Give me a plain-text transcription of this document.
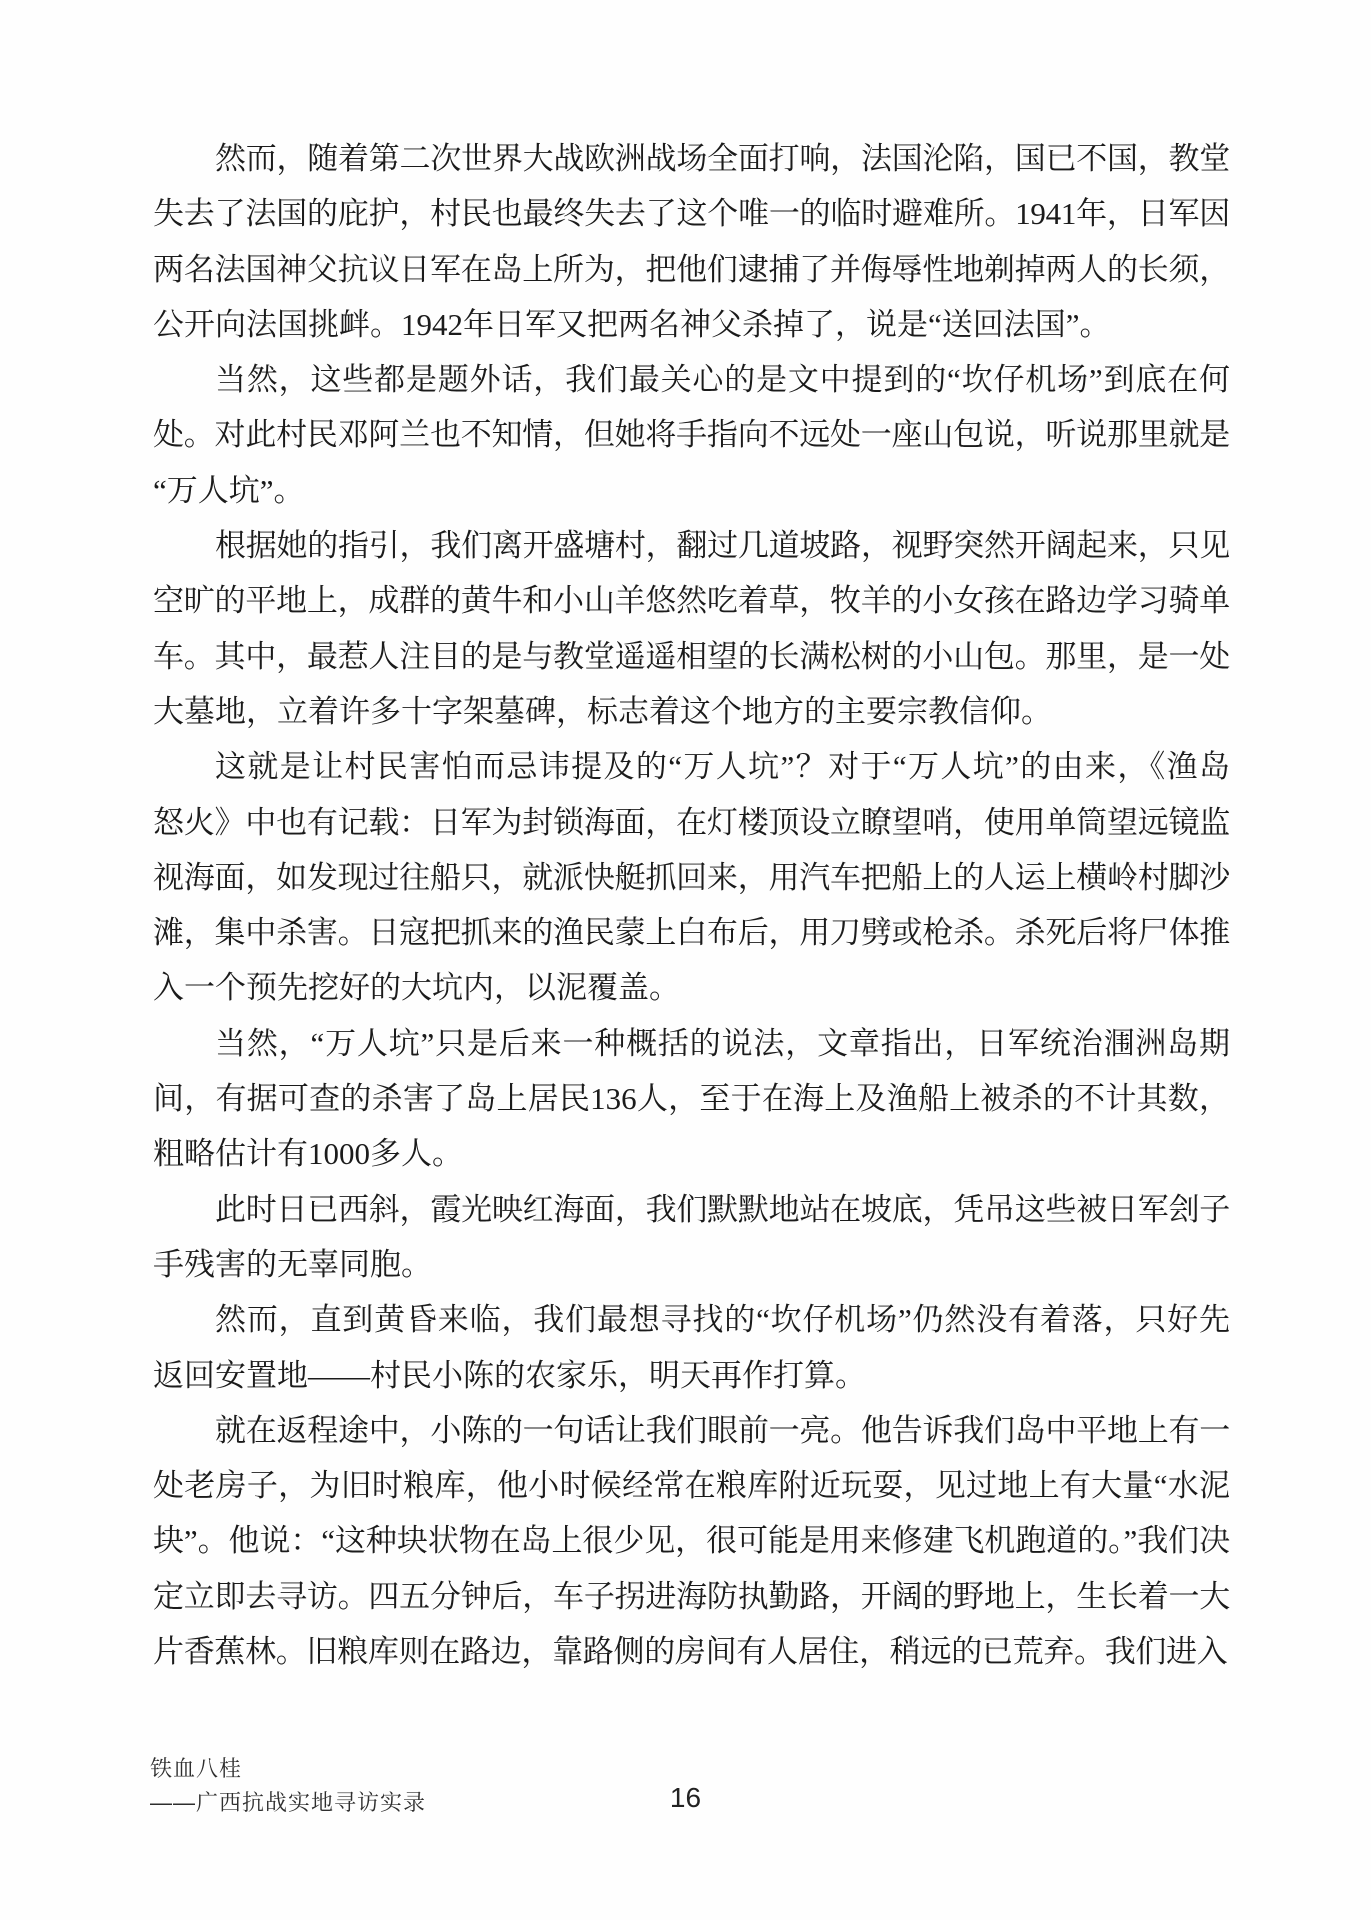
然而，随着第二次世界大战欧洲战场全面打响，法国沦陷，国已不国，教堂
失去了法国的庇护，村民也最终失去了这个唯一的临时避难所。1941年，日军因
两名法国神父抗议日军在岛上所为，把他们逮捕了并侮辱性地剃掉两人的长须，
公开向法国挑衅。1942年日军又把两名神父杀掉了，说是“送回法国”。
当然，这些都是题外话，我们最关心的是文中提到的“坎仔机场”到底在何
处。对此村民邓阿兰也不知情，但她将手指向不远处一座山包说，听说那里就是
“万人坑”。
根据她的指引，我们离开盛塘村，翻过几道坡路，视野突然开阔起来，只见
空旷的平地上，成群的黄牛和小山羊悠然吃着草，牧羊的小女孩在路边学习骑单
车。其中，最惹人注目的是与教堂遥遥相望的长满松树的小山包。那里，是一处
大墓地，立着许多十字架墓碑，标志着这个地方的主要宗教信仰。
这就是让村民害怕而忌讳提及的“万人坑”？对于“万人坑”的由来，《渔岛
怒火》中也有记载：日军为封锁海面，在灯楼顶设立瞭望哨，使用单筒望远镜监
视海面，如发现过往船只，就派快艇抓回来，用汽车把船上的人运上横岭村脚沙
滩，集中杀害。日寇把抓来的渔民蒙上白布后，用刀劈或枪杀。杀死后将尸体推
入一个预先挖好的大坑内，以泥覆盖。
当然，“万人坑”只是后来一种概括的说法，文章指出，日军统治涠洲岛期
间，有据可查的杀害了岛上居民136人，至于在海上及渔船上被杀的不计其数，
粗略估计有1000多人。
此时日已西斜，霞光映红海面，我们默默地站在坡底，凭吊这些被日军刽子
手残害的无辜同胞。
然而，直到黄昏来临，我们最想寻找的“坎仔机场”仍然没有着落，只好先
返回安置地——村民小陈的农家乐，明天再作打算。
就在返程途中，小陈的一句话让我们眼前一亮。他告诉我们岛中平地上有一
处老房子，为旧时粮库，他小时候经常在粮库附近玩耍，见过地上有大量“水泥
块”。他说：“这种块状物在岛上很少见，很可能是用来修建飞机跑道的。”我们决
定立即去寻访。四五分钟后，车子拐进海防执勤路，开阔的野地上，生长着一大
片香蕉林。旧粮库则在路边，靠路侧的房间有人居住，稍远的已荒弃。我们进入
铁血八桂
——广西抗战实地寻访实录	16
